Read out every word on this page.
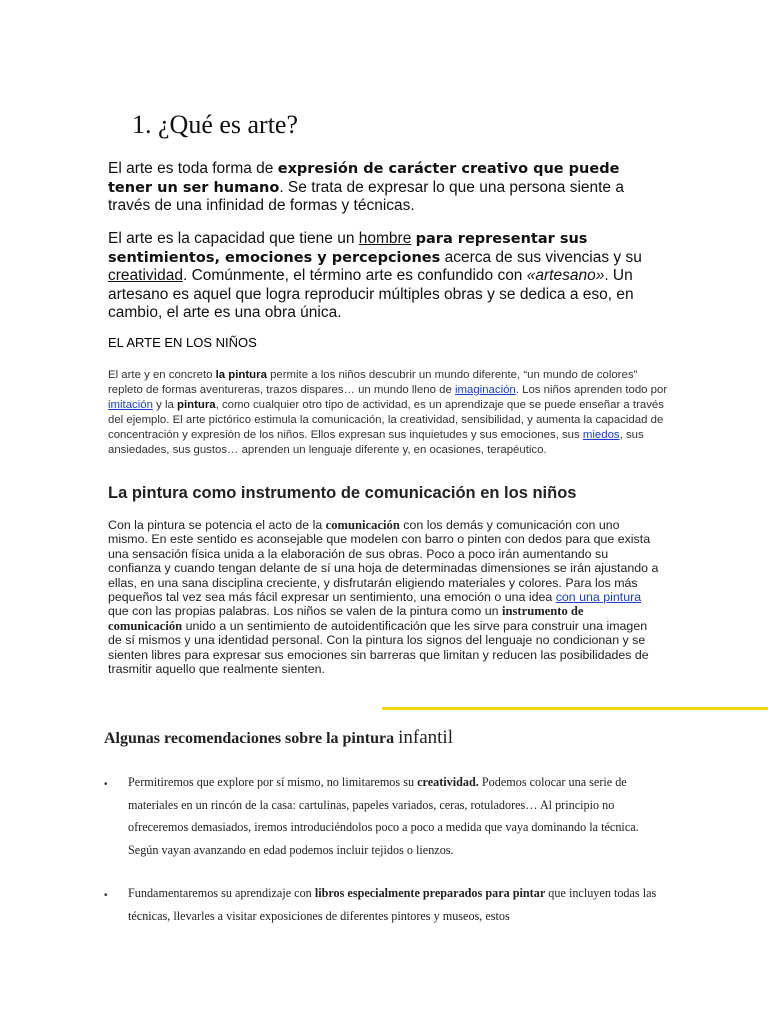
1. ¿Qué es arte?
El arte es toda forma de expresión de carácter creativo que puede tener un ser humano. Se trata de expresar lo que una persona siente a través de una infinidad de formas y técnicas.
El arte es la capacidad que tiene un hombre para representar sus sentimientos, emociones y percepciones acerca de sus vivencias y su creatividad. Comúnmente, el término arte es confundido con «artesano». Un artesano es aquel que logra reproducir múltiples obras y se dedica a eso, en cambio, el arte es una obra única.
EL ARTE EN LOS NIÑOS
El arte y en concreto la pintura permite a los niños descubrir un mundo diferente, “un mundo de colores” repleto de formas aventureras, trazos dispares… un mundo lleno de imaginación. Los niños aprenden todo por imitación y la pintura, como cualquier otro tipo de actividad, es un aprendizaje que se puede enseñar a través del ejemplo. El arte pictórico estimula la comunicación, la creatividad, sensibilidad, y aumenta la capacidad de concentración y expresión de los niños. Ellos expresan sus inquietudes y sus emociones, sus miedos, sus ansiedades, sus gustos… aprenden un lenguaje diferente y, en ocasiones, terapéutico.
La pintura como instrumento de comunicación en los niños
Con la pintura se potencia el acto de la comunicación con los demás y comunicación con uno mismo. En este sentido es aconsejable que modelen con barro o pinten con dedos para que exista una sensación física unida a la elaboración de sus obras. Poco a poco irán aumentando su confianza y cuando tengan delante de sí una hoja de determinadas dimensiones se irán ajustando a ellas, en una sana disciplina creciente, y disfrutarán eligiendo materiales y colores. Para los más pequeños tal vez sea más fácil expresar un sentimiento, una emoción o una idea con una pintura que con las propias palabras. Los niños se valen de la pintura como un instrumento de comunicación unido a un sentimiento de autoidentificación que les sirve para construir una imagen de sí mismos y una identidad personal. Con la pintura los signos del lenguaje no condicionan y se sienten libres para expresar sus emociones sin barreras que limitan y reducen las posibilidades de trasmitir aquello que realmente sienten.
Algunas recomendaciones sobre la pintura infantil
• Permitiremos que explore por sí mismo, no limitaremos su creatividad. Podemos colocar una serie de materiales en un rincón de la casa: cartulinas, papeles variados, ceras, rotuladores… Al principio no ofreceremos demasiados, iremos introduciéndolos poco a poco a medida que vaya dominando la técnica. Según vayan avanzando en edad podemos incluir tejidos o lienzos.
• Fundamentaremos su aprendizaje con libros especialmente preparados para pintar que incluyen todas las técnicas, llevarles a visitar exposiciones de diferentes pintores y museos, estos
